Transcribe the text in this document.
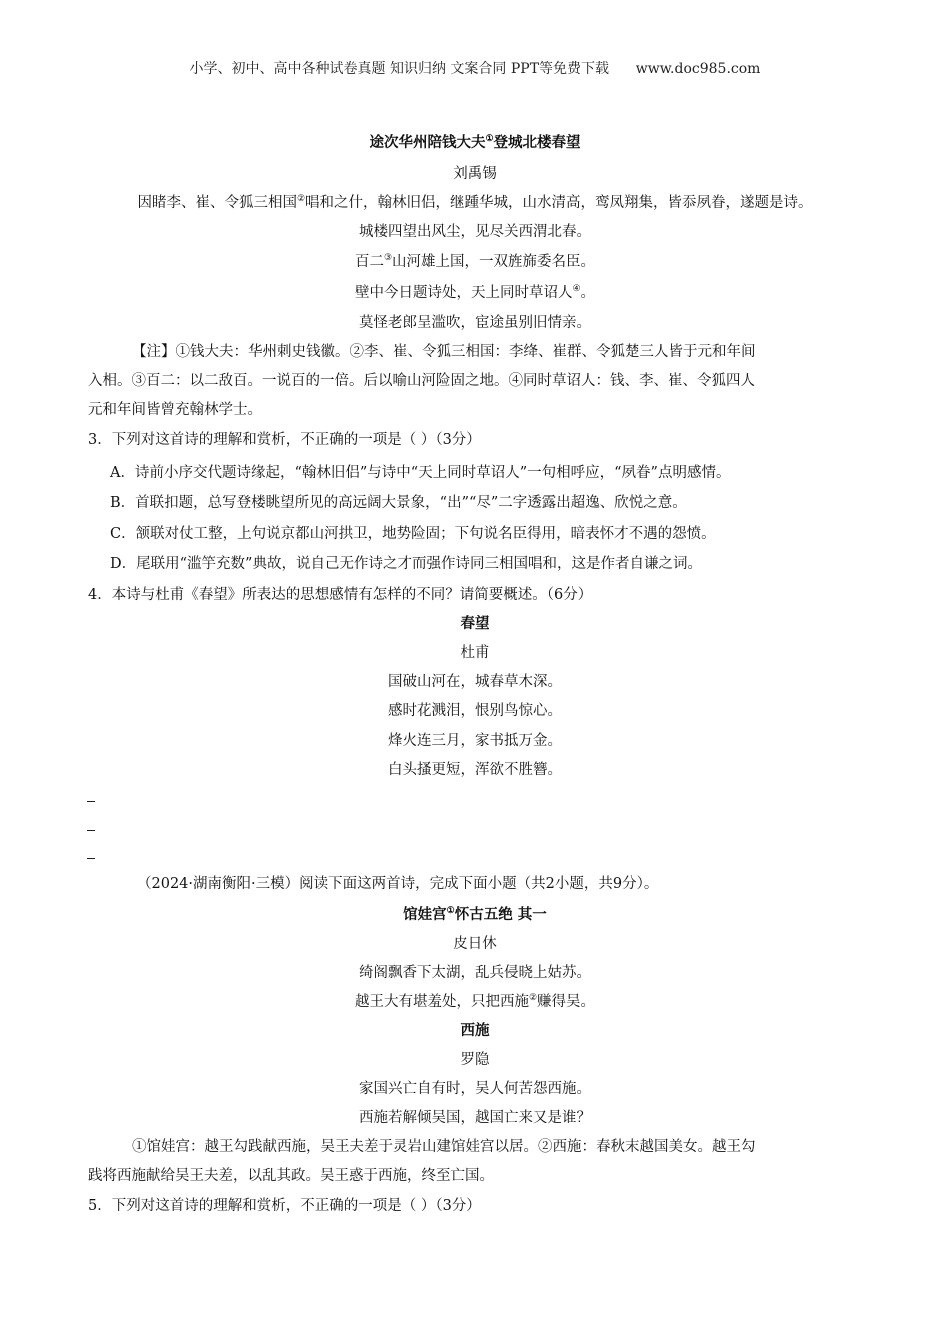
小学、初中、高中各种试卷真题 知识归纳 文案合同 PPT等免费下载 www.doc985.com
途次华州陪钱大夫①登城北楼春望
刘禹锡
因睹李、崔、令狐三相国②唱和之什，翰林旧侣，继踵华城，山水清高，鸾凤翔集，皆忝夙眷，遂题是诗。
城楼四望出风尘，见尽关西渭北春。
百二③山河雄上国，一双旌旆委名臣。
壁中今日题诗处，天上同时草诏人④。
莫怪老郎呈滥吹，宦途虽别旧情亲。
【注】①钱大夫：华州刺史钱徽。②李、崔、令狐三相国：李绛、崔群、令狐楚三人皆于元和年间
入相。③百二：以二敌百。一说百的一倍。后以喻山河险固之地。④同时草诏人：钱、李、崔、令狐四人
元和年间皆曾充翰林学士。
3．下列对这首诗的理解和赏析，不正确的一项是（ ）（3分）
A．诗前小序交代题诗缘起，“翰林旧侣”与诗中“天上同时草诏人”一句相呼应，“夙眷”点明感情。
B．首联扣题，总写登楼眺望所见的高远阔大景象，“出”“尽”二字透露出超逸、欣悦之意。
C．颔联对仗工整，上句说京都山河拱卫，地势险固；下句说名臣得用，暗表怀才不遇的怨愤。
D．尾联用“滥竽充数”典故，说自己无作诗之才而强作诗同三相国唱和，这是作者自谦之词。
4．本诗与杜甫《春望》所表达的思想感情有怎样的不同？请简要概述。（6分）
春望
杜甫
国破山河在，城春草木深。
感时花溅泪，恨别鸟惊心。
烽火连三月，家书抵万金。
白头搔更短，浑欲不胜簪。
（2024·湖南衡阳·三模）阅读下面这两首诗，完成下面小题（共2小题，共9分）。
馆娃宫①怀古五绝 其一
皮日休
绮阁飘香下太湖，乱兵侵晓上姑苏。
越王大有堪羞处，只把西施②赚得吴。
西施
罗隐
家国兴亡自有时，吴人何苦怨西施。
西施若解倾吴国，越国亡来又是谁？
①馆娃宫：越王勾践献西施，吴王夫差于灵岩山建馆娃宫以居。②西施：春秋末越国美女。越王勾
践将西施献给吴王夫差，以乱其政。吴王惑于西施，终至亡国。
5．下列对这首诗的理解和赏析，不正确的一项是（ ）（3分）
